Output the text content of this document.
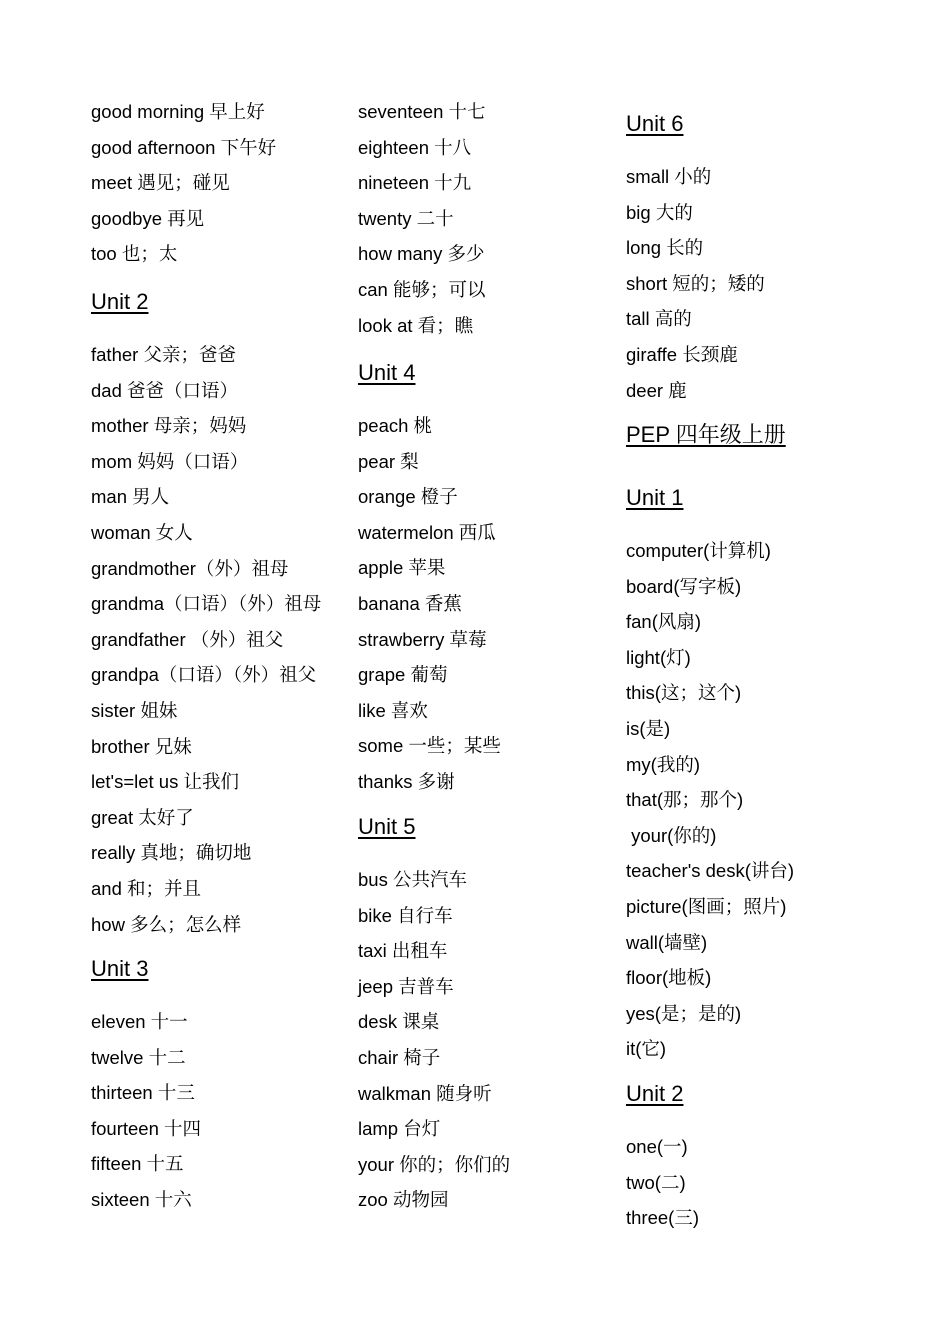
good morning 早上好
good afternoon 下午好
meet 遇见；碰见
goodbye 再见
too 也；太
Unit 2
father 父亲；爸爸
dad 爸爸（口语）
mother 母亲；妈妈
mom 妈妈（口语）
man 男人
woman 女人
grandmother（外）祖母
grandma（口语）（外）祖母
grandfather （外）祖父
grandpa（口语）（外）祖父
sister 姐妹
brother 兄妹
let's=let us 让我们
great 太好了
really 真地；确切地
and 和；并且
how 多么；怎么样
Unit 3
eleven 十一
twelve 十二
thirteen 十三
fourteen 十四
fifteen 十五
sixteen 十六
seventeen 十七
eighteen 十八
nineteen 十九
twenty 二十
how many 多少
can 能够；可以
look at 看；瞧
Unit 4
peach 桃
pear 梨
orange 橙子
watermelon 西瓜
apple 苹果
banana 香蕉
strawberry 草莓
grape 葡萄
like 喜欢
some 一些；某些
thanks 多谢
Unit 5
bus 公共汽车
bike 自行车
taxi 出租车
jeep 吉普车
desk 课桌
chair 椅子
walkman 随身听
lamp 台灯
your 你的；你们的
zoo 动物园
Unit 6
small 小的
big 大的
long 长的
short 短的；矮的
tall 高的
giraffe 长颈鹿
deer 鹿
PEP 四年级上册
Unit 1
computer(计算机)
board(写字板)
fan(风扇)
light(灯)
this(这；这个)
is(是)
my(我的)
that(那；那个)
your(你的)
teacher's desk(讲台)
picture(图画；照片)
wall(墙壁)
floor(地板)
yes(是；是的)
it(它)
Unit 2
one(一)
two(二)
three(三)
